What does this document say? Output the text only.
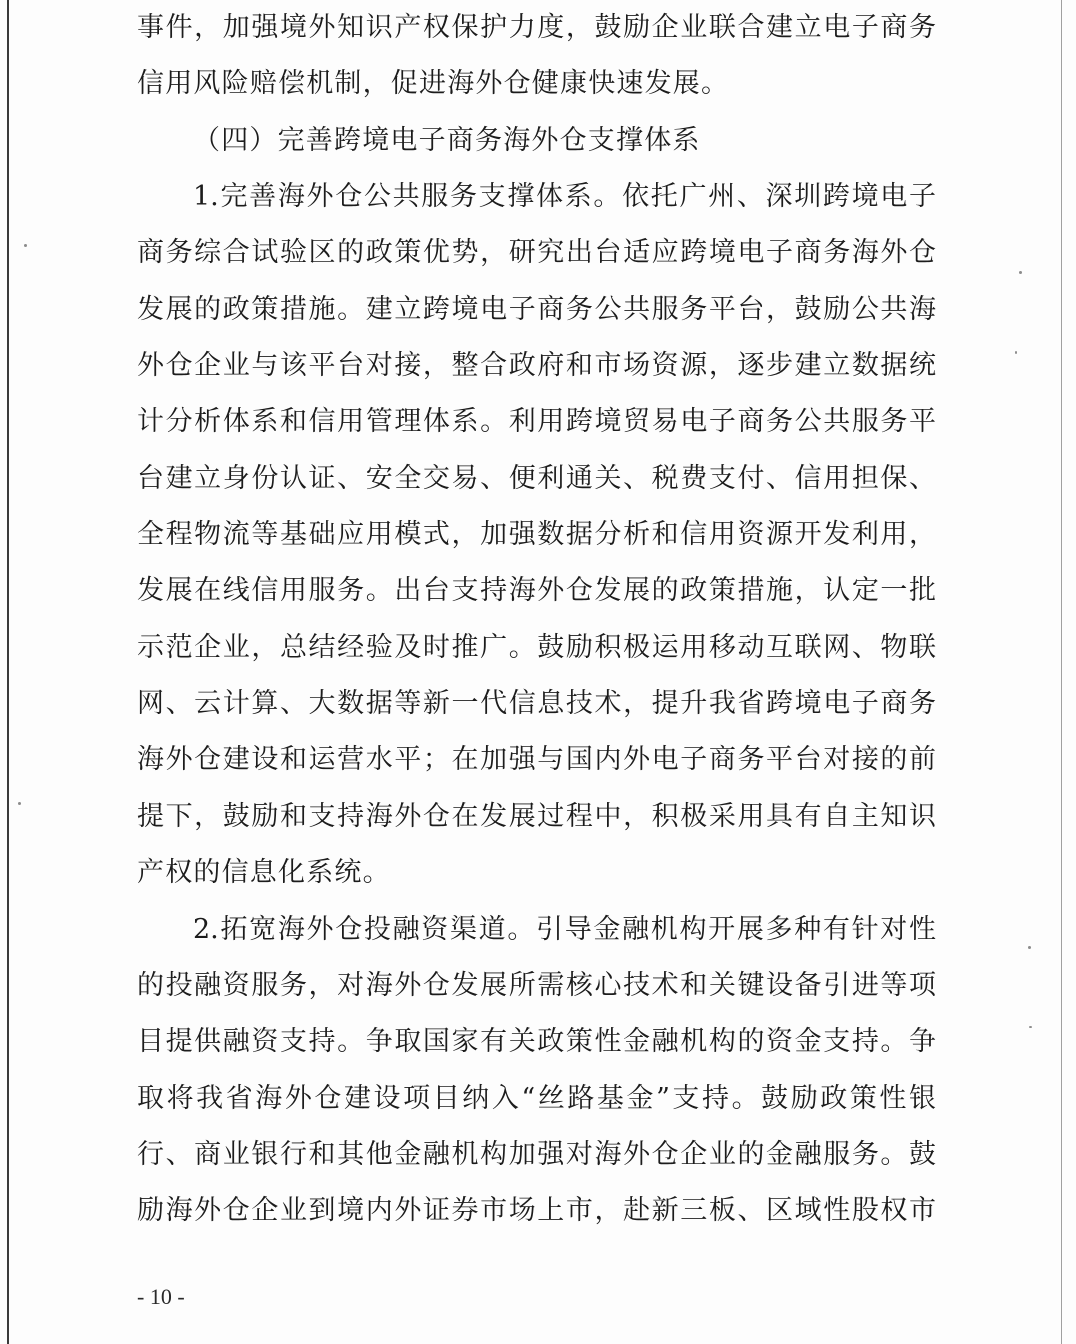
事件，加强境外知识产权保护力度，鼓励企业联合建立电子商务
信用风险赔偿机制，促进海外仓健康快速发展。
（四）完善跨境电子商务海外仓支撑体系
1.完善海外仓公共服务支撑体系。依托广州、深圳跨境电子
商务综合试验区的政策优势，研究出台适应跨境电子商务海外仓
发展的政策措施。建立跨境电子商务公共服务平台，鼓励公共海
外仓企业与该平台对接，整合政府和市场资源，逐步建立数据统
计分析体系和信用管理体系。利用跨境贸易电子商务公共服务平
台建立身份认证、安全交易、便利通关、税费支付、信用担保、
全程物流等基础应用模式，加强数据分析和信用资源开发利用，
发展在线信用服务。出台支持海外仓发展的政策措施，认定一批
示范企业，总结经验及时推广。鼓励积极运用移动互联网、物联
网、云计算、大数据等新一代信息技术，提升我省跨境电子商务
海外仓建设和运营水平；在加强与国内外电子商务平台对接的前
提下，鼓励和支持海外仓在发展过程中，积极采用具有自主知识
产权的信息化系统。
2.拓宽海外仓投融资渠道。引导金融机构开展多种有针对性
的投融资服务，对海外仓发展所需核心技术和关键设备引进等项
目提供融资支持。争取国家有关政策性金融机构的资金支持。争
取将我省海外仓建设项目纳入“丝路基金”支持。鼓励政策性银
行、商业银行和其他金融机构加强对海外仓企业的金融服务。鼓
励海外仓企业到境内外证券市场上市，赴新三板、区域性股权市
- 10 -
